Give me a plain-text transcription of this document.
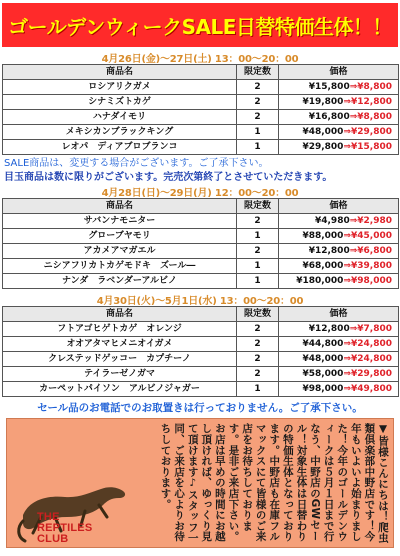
ゴールデンウィークSALE日替特価生体！！
4月26日(金)〜27日(土) 13：00〜20：00
商品名	限定数	価格
ロシアリクガメ	2	¥15,800⇒¥8,800
シナミズトカゲ	2	¥19,800⇒¥12,800
ハナダイモリ	2	¥16,800⇒¥8,800
メキシカンブラックキング	1	¥48,000⇒¥29,800
レオパ　ディアブロブランコ	1	¥29,800⇒¥15,800
SALE商品は、変更する場合がございます。ご了承下さい。
目玉商品は数に限りがございます。完売次第終了とさせていただきます。
4月28日(日)〜29日(月) 12：00〜20：00
商品名	限定数	価格
サバンナモニター	2	¥4,980⇒¥2,980
グローブヤモリ	1	¥88,000⇒¥45,000
アカメアマガエル	2	¥12,800⇒¥6,800
ニシアフリカトカゲモドキ　ズール―	1	¥68,000⇒¥39,800
ナンダ　ラベンダーアルビノ	1	¥180,000⇒¥98,000
4月30日(火)〜5月1日(水) 13：00〜20：00
商品名	限定数	価格
フトアゴヒゲトカゲ　オレンジ	2	¥12,800⇒¥7,800
オオアタマヒメニオイガメ	2	¥44,800⇒¥24,800
クレステッドゲッコー　カプチーノ	2	¥48,000⇒¥24,800
テイラーゼノガマ	2	¥58,000⇒¥29,800
カーペットパイソン　アルビノジャガー	1	¥98,000⇒¥49,800
セール品のお電話でのお取置きは行っておりません。ご了承下さい。
▼皆様こんにちは！爬虫類倶楽部中野店です！今年もいよいよ始まりました！今年のゴールデンウィークは５月１日まで行なう、中野店のGWセール！対象生体は日替わりの特価生体となっております。中野店も在庫フルマックスにて皆様のご来店をお待ちしております。是非ご来店下さい。お店は早めの時間にお越し頂ければ、ゆっくり見て頂けます♪スタッフ一同、ご来店を心よりお待ちしております。
THE
REPTILES
CLUB
